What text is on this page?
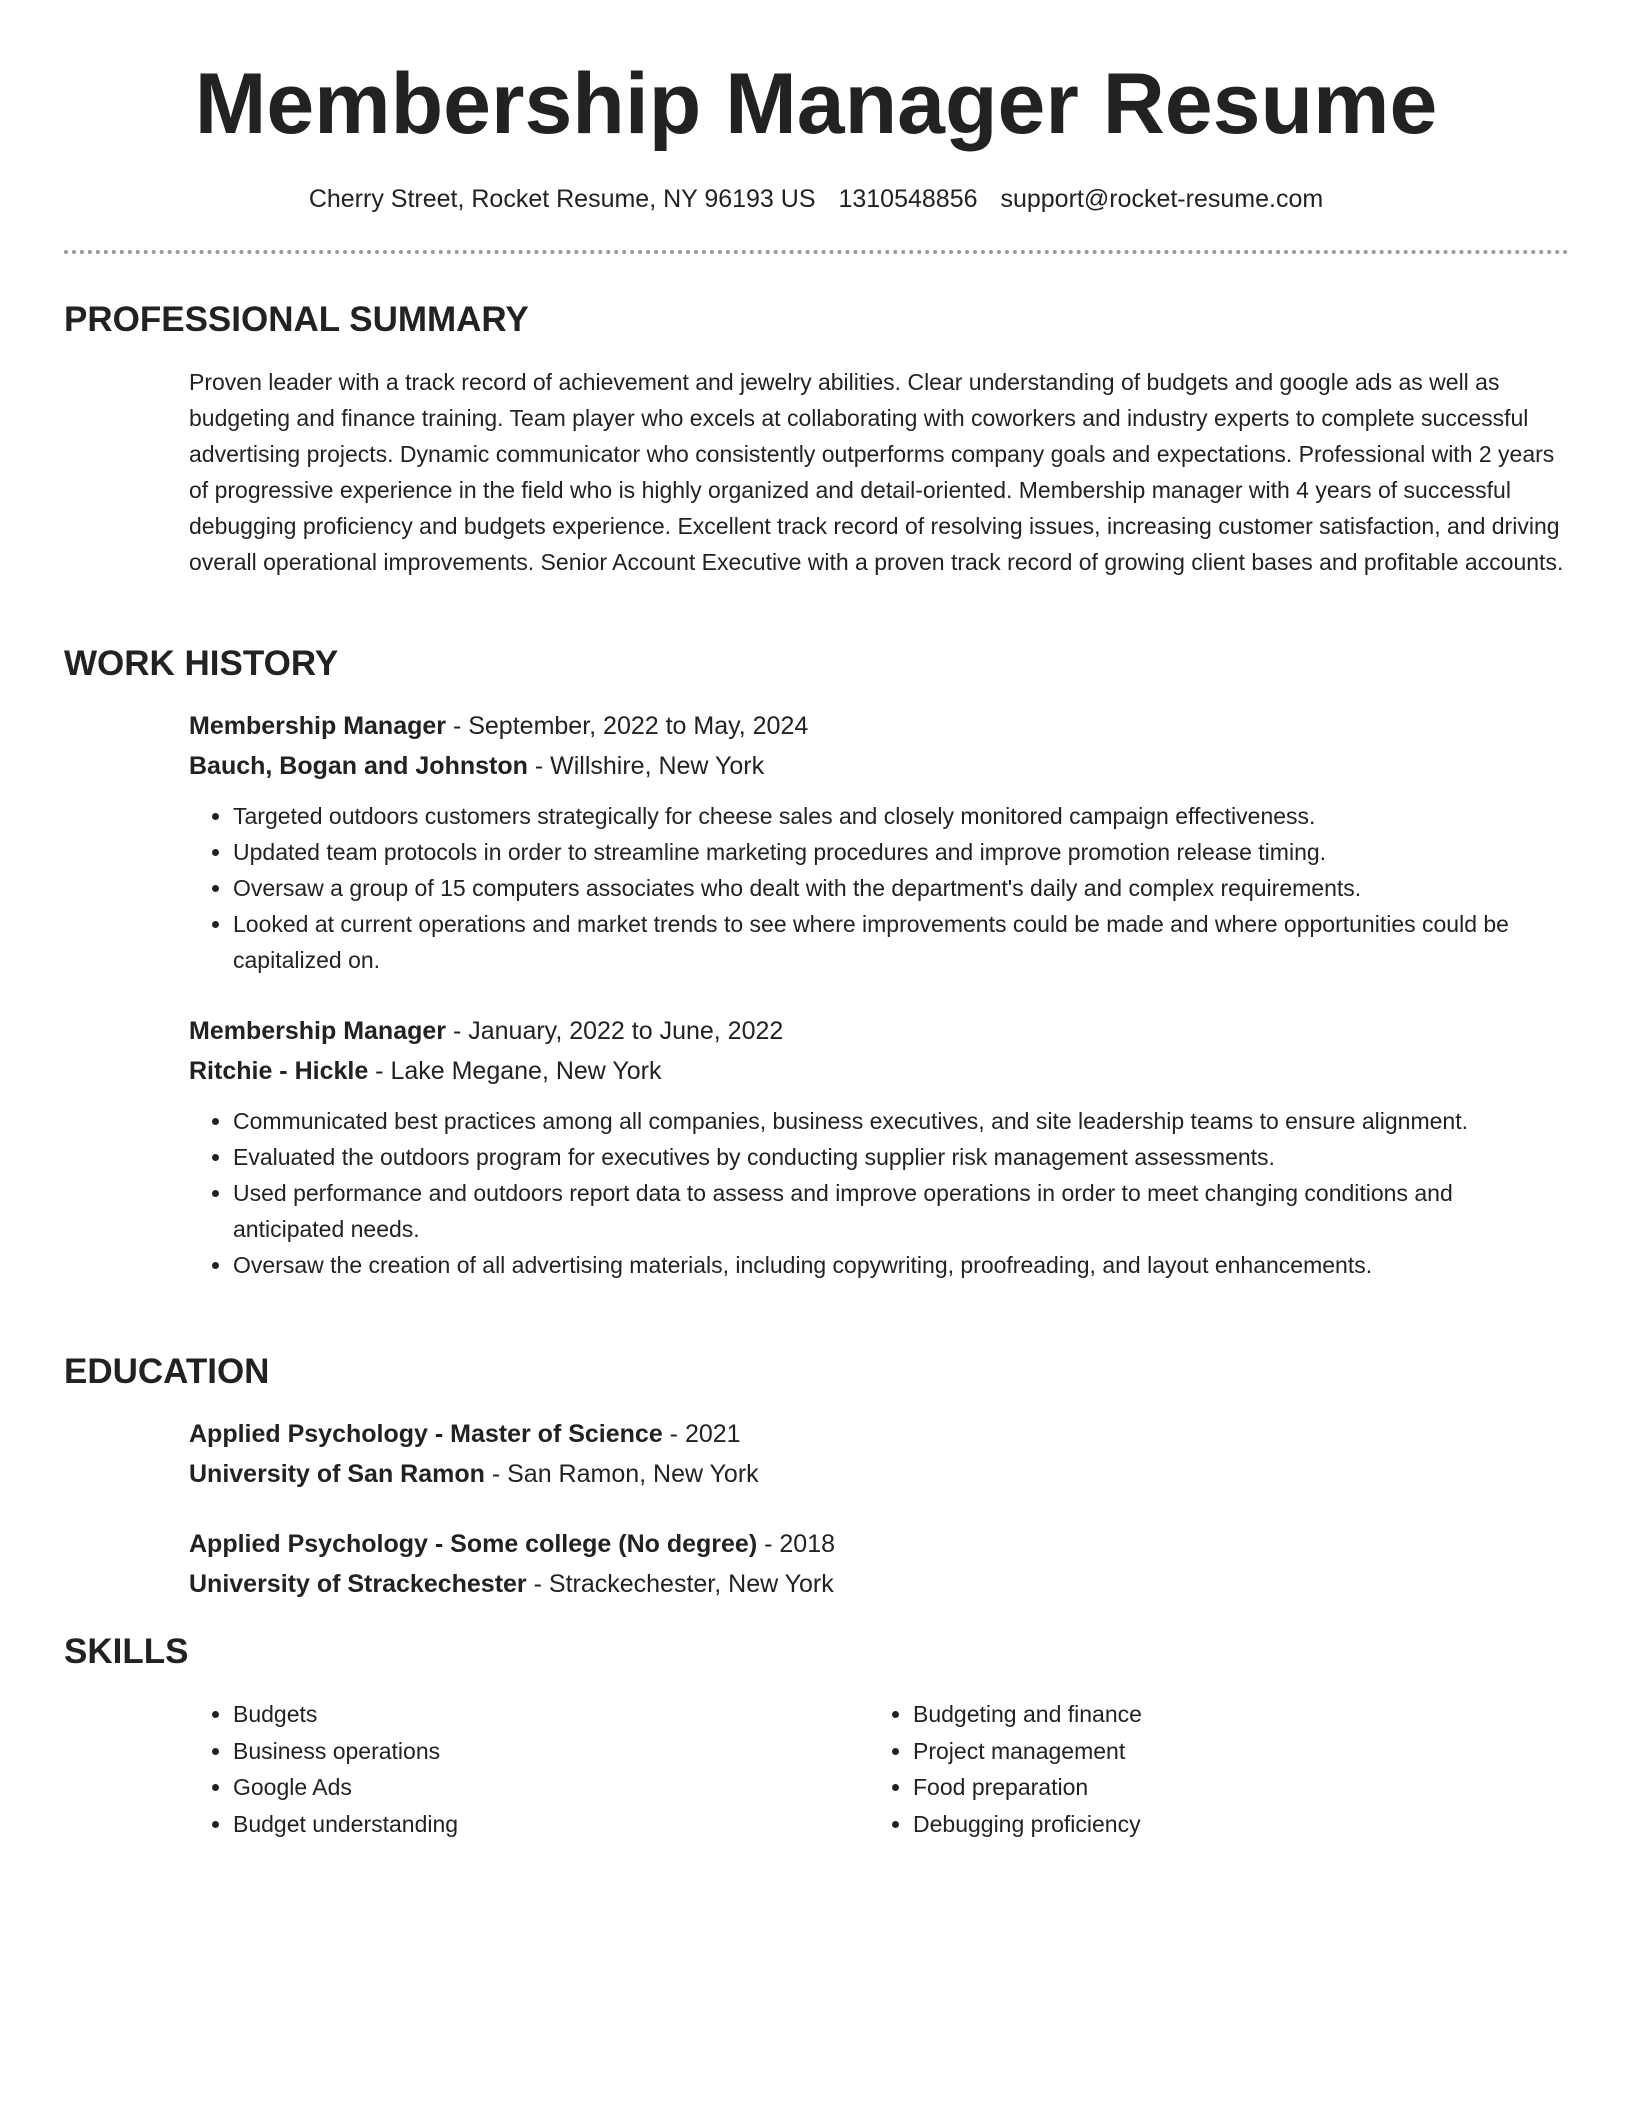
Membership Manager Resume
Cherry Street, Rocket Resume, NY 96193 US 1310548856 support@rocket-resume.com
PROFESSIONAL SUMMARY

Proven leader with a track record of achievement and jewelry abilities. Clear understanding of budgets and google ads as well as budgeting and finance training. Team player who excels at collaborating with coworkers and industry experts to complete successful advertising projects. Dynamic communicator who consistently outperforms company goals and expectations. Professional with 2 years of progressive experience in the field who is highly organized and detail-oriented. Membership manager with 4 years of successful debugging proficiency and budgets experience. Excellent track record of resolving issues, increasing customer satisfaction, and driving overall operational improvements. Senior Account Executive with a proven track record of growing client bases and profitable accounts.

WORK HISTORY

Membership Manager - September, 2022 to May, 2024

Bauch, Bogan and Johnston - Willshire, New York

• Targeted outdoors customers strategically for cheese sales and closely monitored campaign effectiveness.
• Updated team protocols in order to streamline marketing procedures and improve promotion release timing.
• Oversaw a group of 15 computers associates who dealt with the department's daily and complex requirements.
• Looked at current operations and market trends to see where improvements could be made and where opportunities could be capitalized on.

Membership Manager - January, 2022 to June, 2022

Ritchie - Hickle - Lake Megane, New York

• Communicated best practices among all companies, business executives, and site leadership teams to ensure alignment.
• Evaluated the outdoors program for executives by conducting supplier risk management assessments.
• Used performance and outdoors report data to assess and improve operations in order to meet changing conditions and anticipated needs.
• Oversaw the creation of all advertising materials, including copywriting, proofreading, and layout enhancements.
EDUCATION

Applied Psychology - Master of Science - 2021

University of San Ramon - San Ramon, New York

Applied Psychology - Some college (No degree) - 2018

University of Strackechester - Strackechester, New York

SKILLS
• Budgets
• Business operations
• Google Ads
• Budget understanding
• Budgeting and finance
• Project management
• Food preparation
• Debugging proficiency
